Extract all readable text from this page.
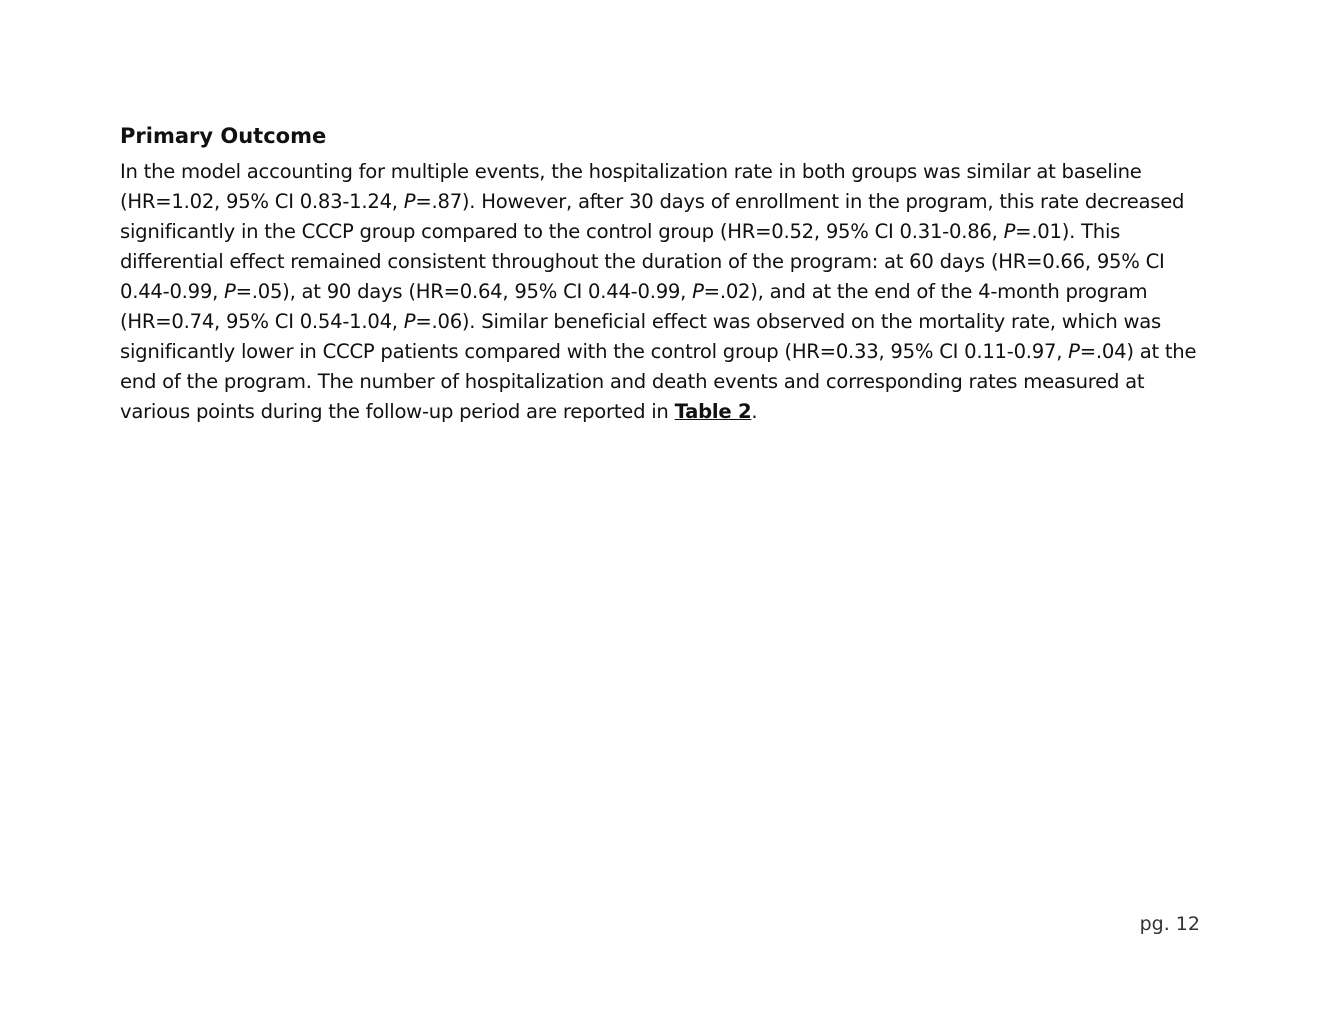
Primary Outcome

In the model accounting for multiple events, the hospitalization rate in both groups was similar at baseline (HR=1.02, 95% CI 0.83-1.24, P=.87). However, after 30 days of enrollment in the program, this rate decreased significantly in the CCCP group compared to the control group (HR=0.52, 95% CI 0.31-0.86, P=.01). This differential effect remained consistent throughout the duration of the program: at 60 days (HR=0.66, 95% CI 0.44-0.99, P=.05), at 90 days (HR=0.64, 95% CI 0.44-0.99, P=.02), and at the end of the 4-month program (HR=0.74, 95% CI 0.54-1.04, P=.06). Similar beneficial effect was observed on the mortality rate, which was significantly lower in CCCP patients compared with the control group (HR=0.33, 95% CI 0.11-0.97, P=.04) at the end of the program. The number of hospitalization and death events and corresponding rates measured at various points during the follow-up period are reported in Table 2.

pg. 12
